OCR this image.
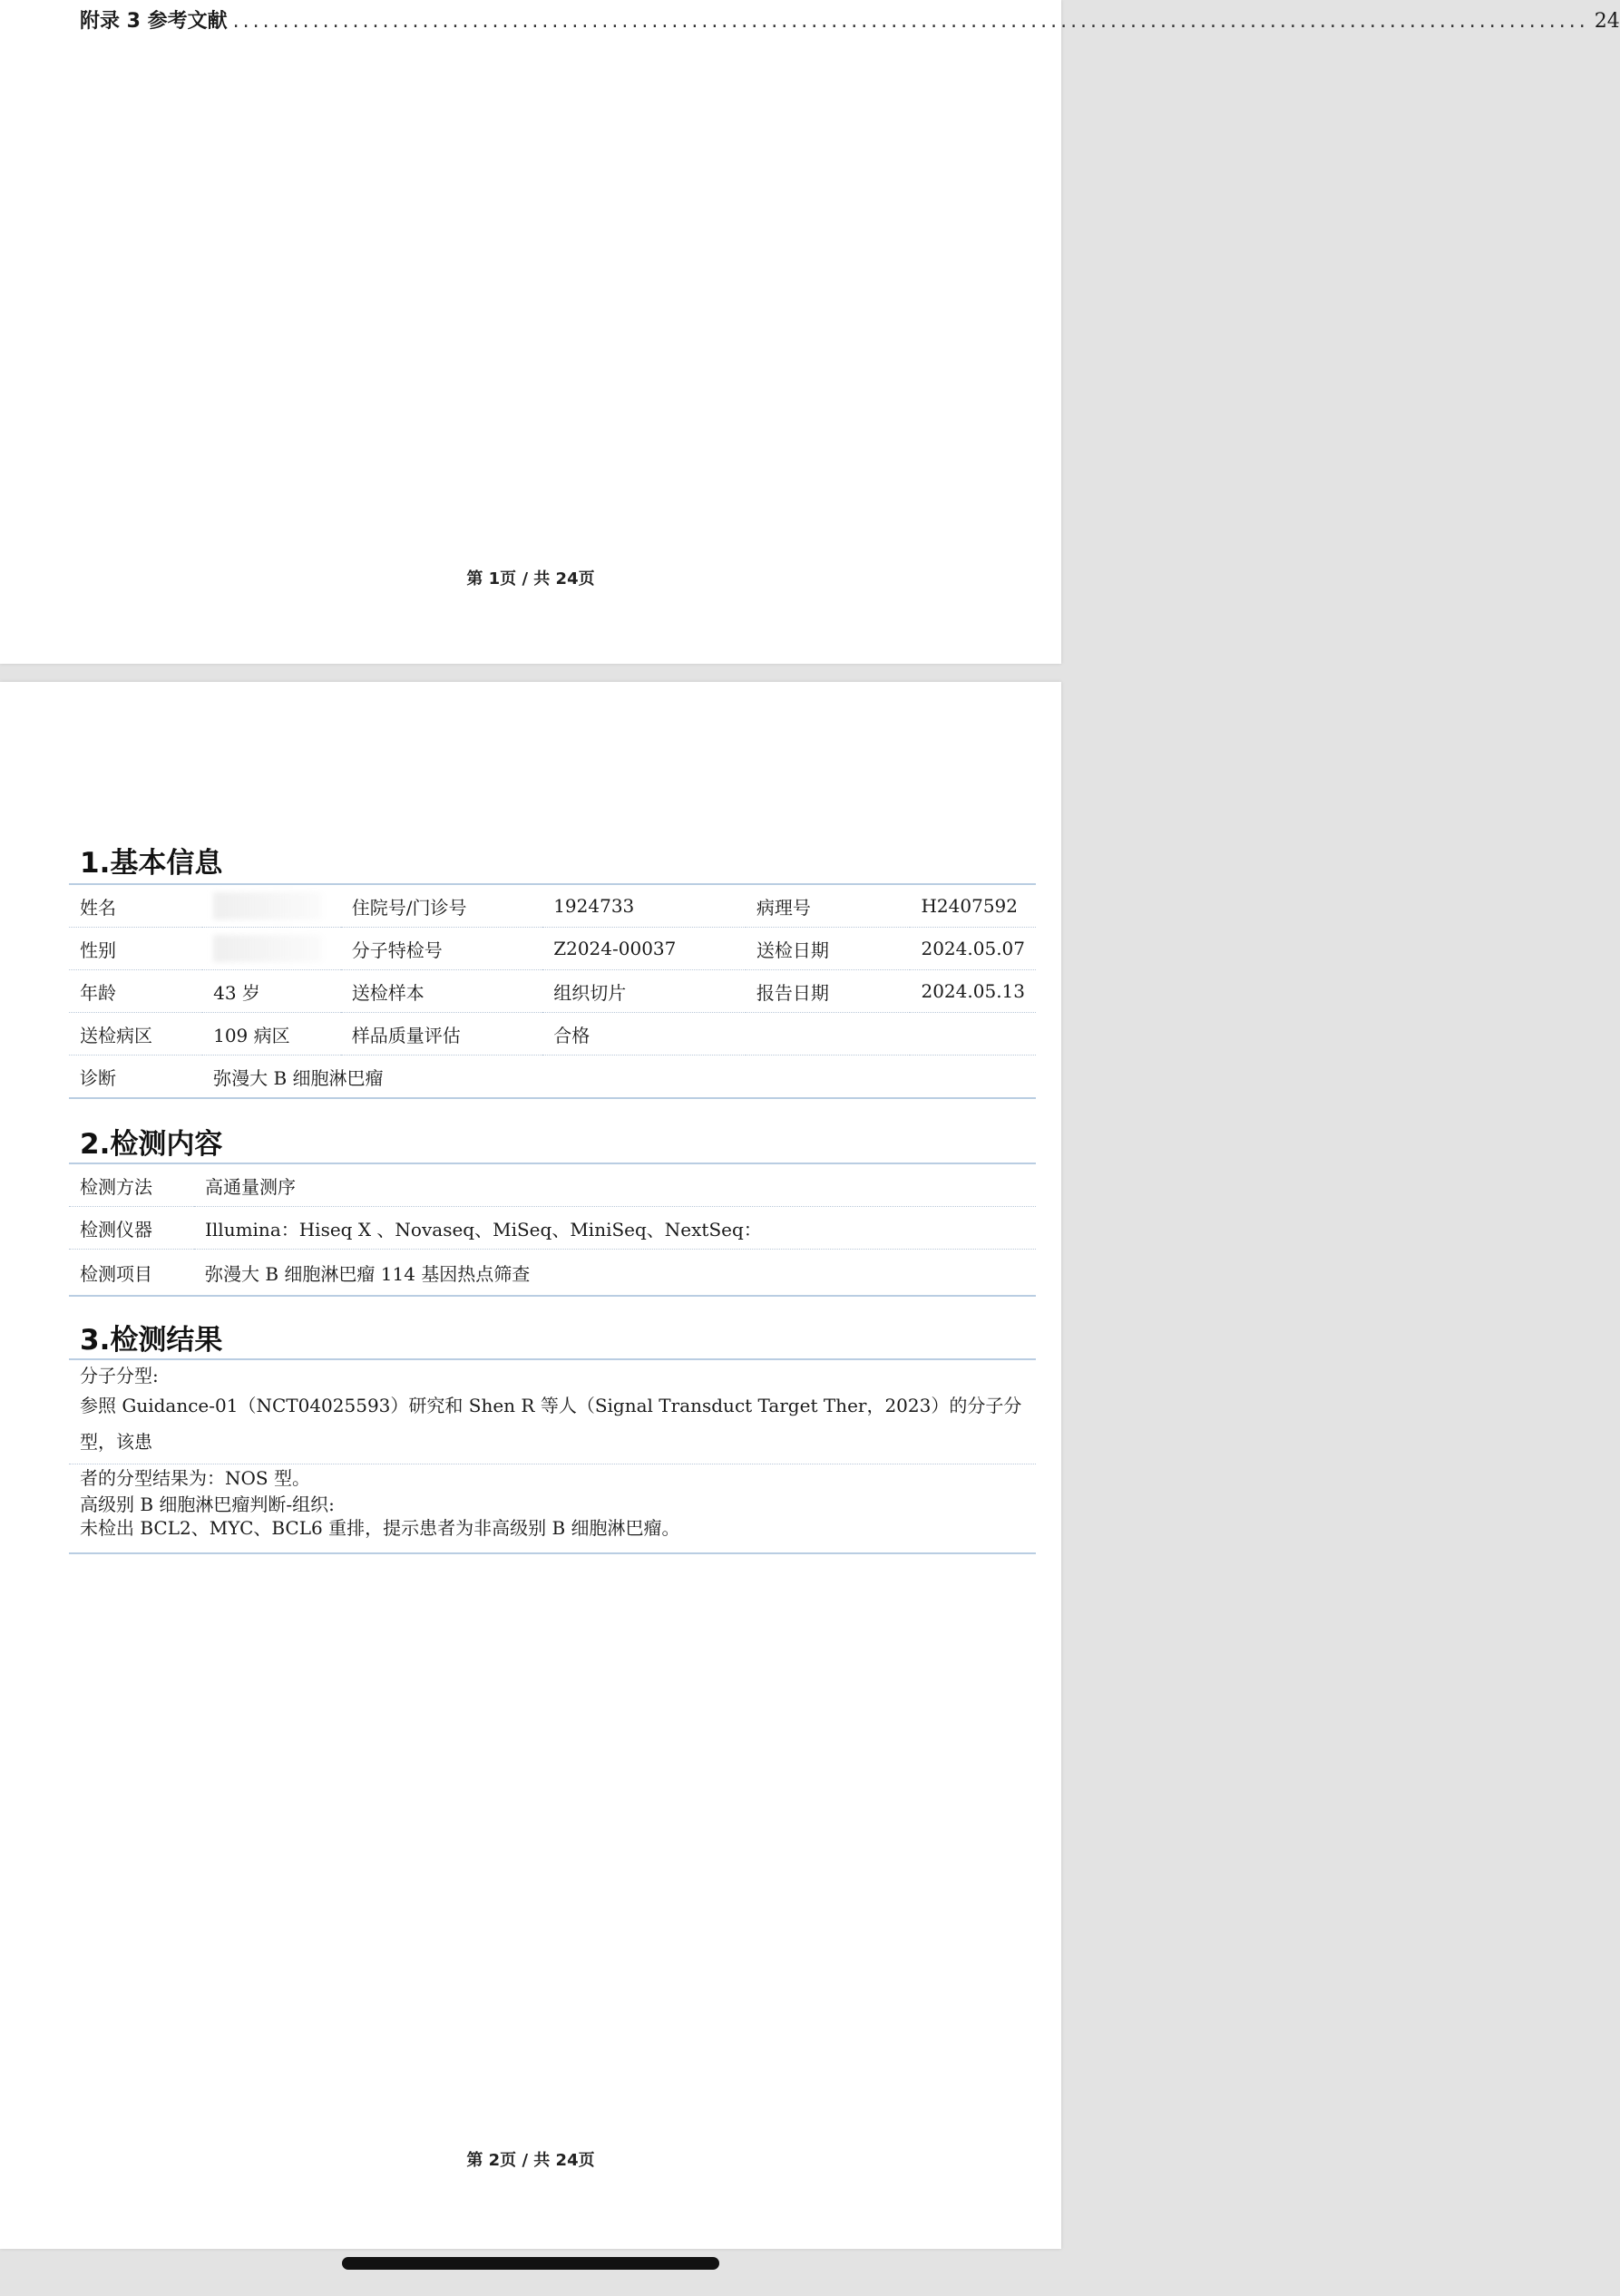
附录 3 参考文献 ........................................................................................................................................ 24
第 1页 / 共 24页
1.基本信息
姓名		住院号/门诊号	1924733	病理号	H2407592
性别		分子特检号	Z2024-00037	送检日期	2024.05.07
年龄	43 岁	送检样本	组织切片	报告日期	2024.05.13
送检病区	109 病区	样品质量评估	合格		
诊断	弥漫大 B 细胞淋巴瘤				
2.检测内容
检测方法	高通量测序
检测仪器	Illumina：Hiseq X 、Novaseq、MiSeq、MiniSeq、NextSeq：
检测项目	弥漫大 B 细胞淋巴瘤 114 基因热点筛查
3.检测结果
分子分型:
参照 Guidance-01（NCT04025593）研究和 Shen R 等人（Signal Transduct Target Ther，2023）的分子分型，该患
者的分型结果为：NOS 型。
高级别 B 细胞淋巴瘤判断-组织:
未检出 BCL2、MYC、BCL6 重排，提示患者为非高级别 B 细胞淋巴瘤。
第 2页 / 共 24页
